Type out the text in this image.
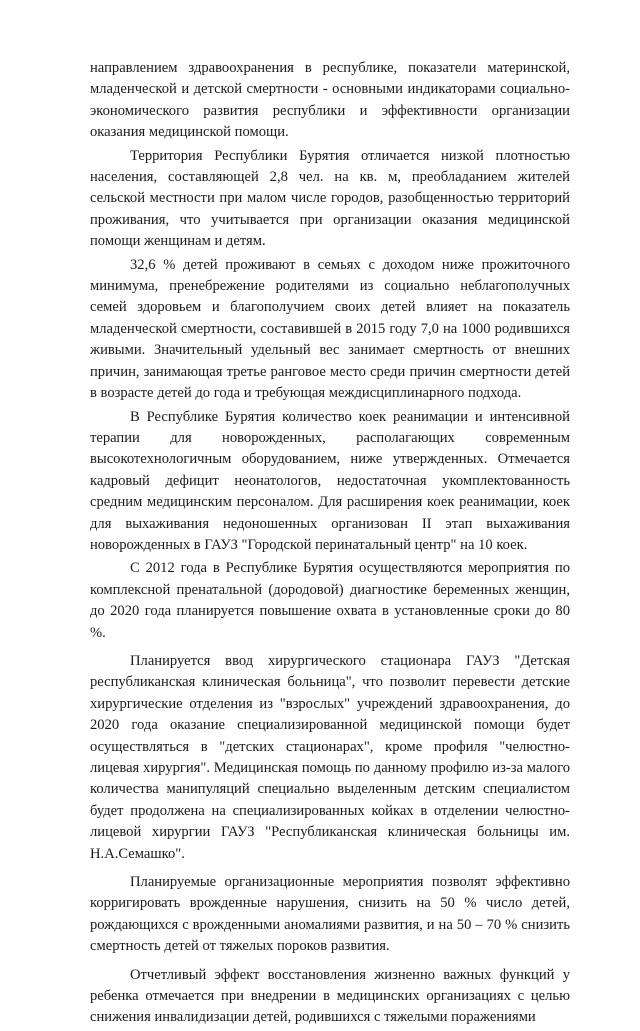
направлением здравоохранения в республике, показатели материнской, младенческой и детской смертности - основными индикаторами социально-экономического развития республики и эффективности организации оказания медицинской помощи.

Территория Республики Бурятия отличается низкой плотностью населения, составляющей 2,8 чел. на кв. м, преобладанием жителей сельской местности при малом числе городов, разобщенностью территорий проживания, что учитывается при организации оказания медицинской помощи женщинам и детям.

32,6 % детей проживают в семьях с доходом ниже прожиточного минимума, пренебрежение родителями из социально неблагополучных семей здоровьем и благополучием своих детей влияет на показатель младенческой смертности, составившей в 2015 году 7,0 на 1000 родившихся живыми. Значительный удельный вес занимает смертность от внешних причин, занимающая третье ранговое место среди причин смертности детей в возрасте детей до года и требующая междисциплинарного подхода.

В Республике Бурятия количество коек реанимации и интенсивной терапии для новорожденных, располагающих современным высокотехнологичным оборудованием, ниже утвержденных. Отмечается кадровый дефицит неонатологов, недостаточная укомплектованность средним медицинским персоналом. Для расширения коек реанимации, коек для выхаживания недоношенных организован II этап выхаживания новорожденных в ГАУЗ "Городской перинатальный центр" на 10 коек.

С 2012 года в Республике Бурятия осуществляются мероприятия по комплексной пренатальной (дородовой) диагностике беременных женщин, до 2020 года планируется повышение охвата в установленные сроки до 80 %.

Планируется ввод хирургического стационара ГАУЗ "Детская республиканская клиническая больница", что позволит перевести детские хирургические отделения из "взрослых" учреждений здравоохранения, до 2020 года оказание специализированной медицинской помощи будет осуществляться в "детских стационарах", кроме профиля "челюстно-лицевая хирургия". Медицинская помощь по данному профилю из-за малого количества манипуляций специально выделенным детским специалистом будет продолжена на специализированных койках в отделении челюстно-лицевой хирургии ГАУЗ "Республиканская клиническая больницы им. Н.А.Семашко".

Планируемые организационные мероприятия позволят эффективно корригировать врожденные нарушения, снизить на 50 % число детей, рождающихся с врожденными аномалиями развития, и на 50 – 70 % снизить смертность детей от тяжелых пороков развития.

Отчетливый эффект восстановления жизненно важных функций у ребенка отмечается при внедрении в медицинских организациях с целью снижения инвалидизации детей, родившихся с тяжелыми поражениями
